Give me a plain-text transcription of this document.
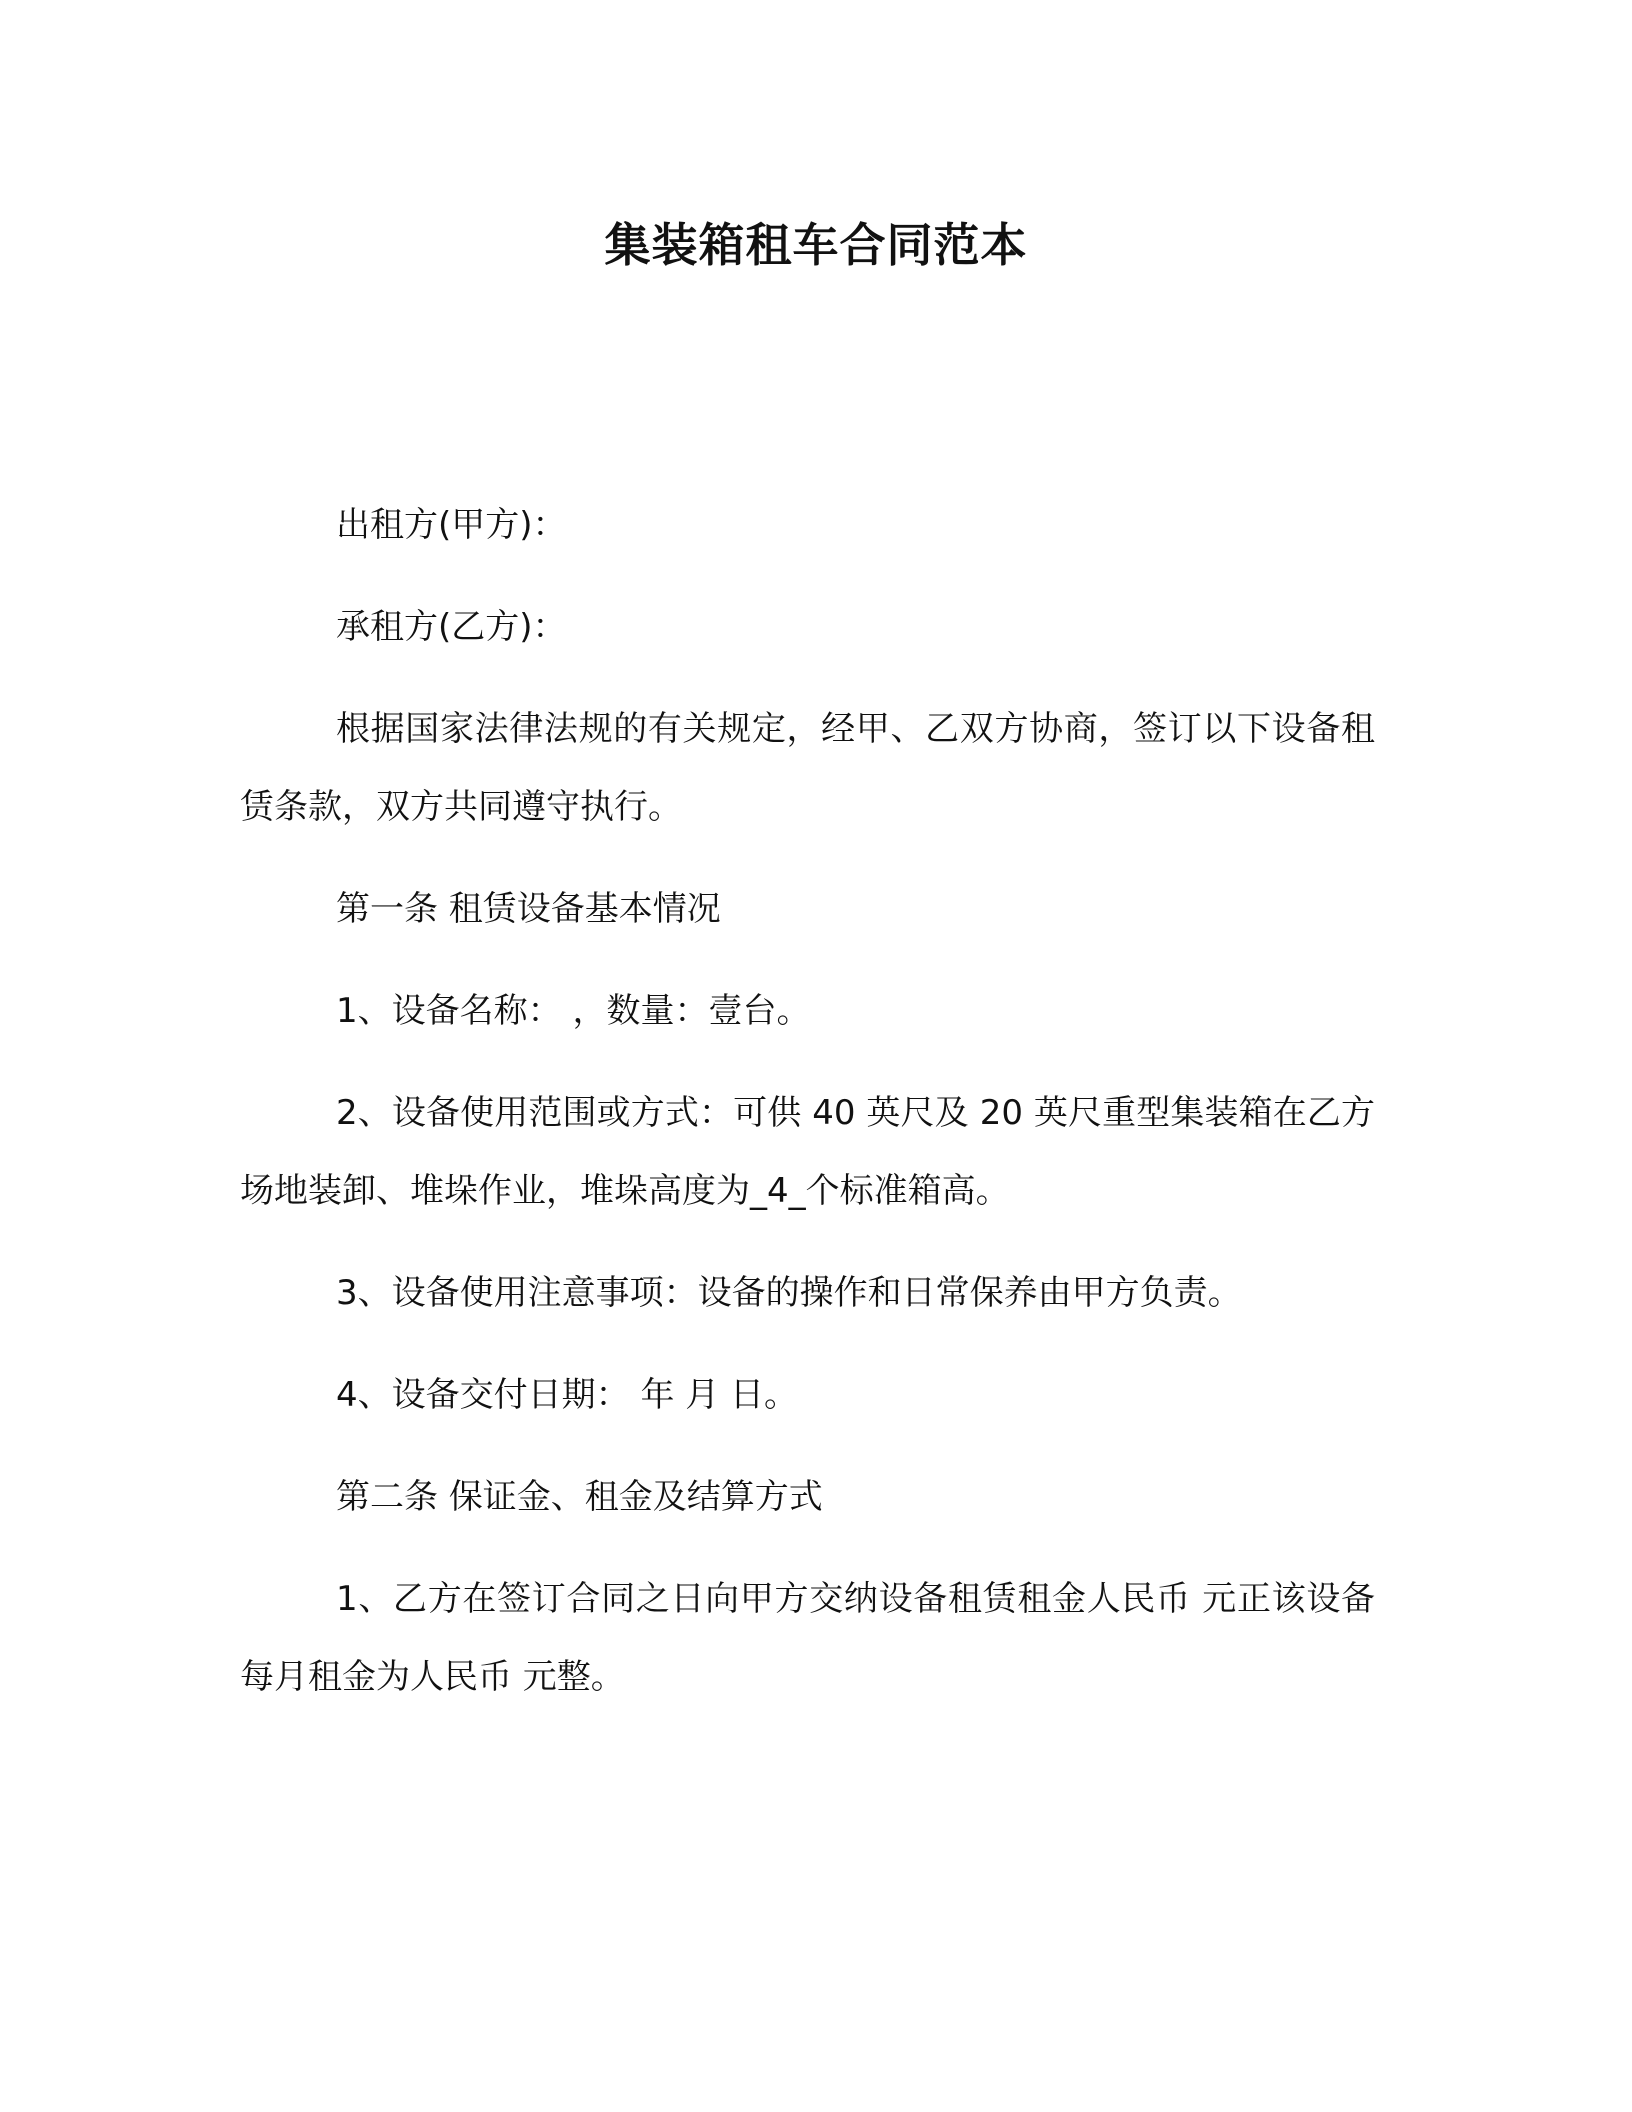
集装箱租车合同范本

出租方(甲方)：

承租方(乙方)：

根据国家法律法规的有关规定，经甲、乙双方协商，签订以下设备租赁条款，双方共同遵守执行。

第一条 租赁设备基本情况

1、设备名称： ，数量：壹台。

2、设备使用范围或方式：可供 40 英尺及 20 英尺重型集装箱在乙方场地装卸、堆垛作业，堆垛高度为_4_个标准箱高。

3、设备使用注意事项：设备的操作和日常保养由甲方负责。

4、设备交付日期： 年 月 日。

第二条 保证金、租金及结算方式

1、乙方在签订合同之日向甲方交纳设备租赁租金人民币 元正该设备每月租金为人民币 元整。
